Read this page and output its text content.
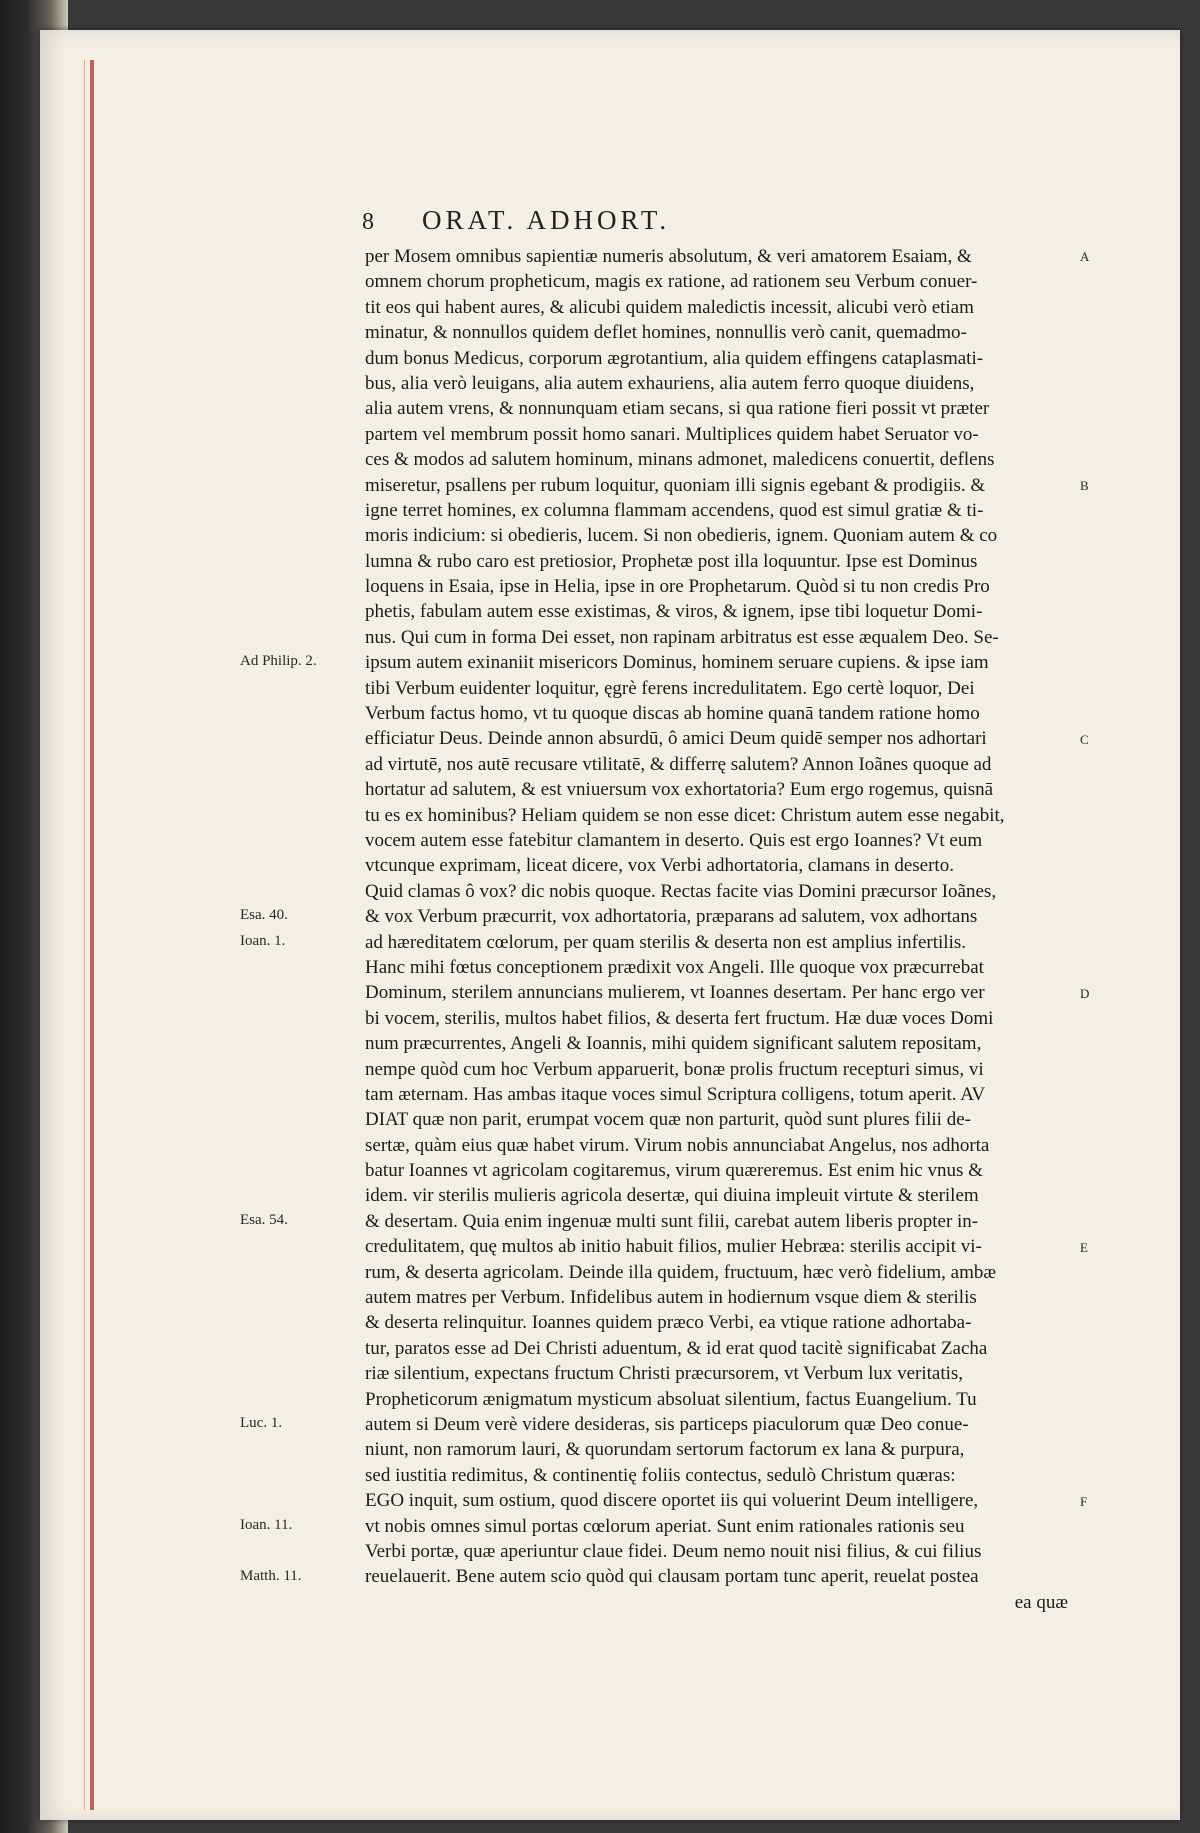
8 ORAT. ADHORT.
per Mosem omnibus sapientiæ numeris absolutum, & veri amatorem Esaiam, &
omnem chorum propheticum, magis ex ratione, ad rationem seu Verbum conuer-
tit eos qui habent aures, & alicubi quidem maledictis incessit, alicubi verò etiam
minatur, & nonnullos quidem deflet homines, nonnullis verò canit, quemadmo-
dum bonus Medicus, corporum ægrotantium, alia quidem effingens cataplasmati-
bus, alia verò leuigans, alia autem exhauriens, alia autem ferro quoque diuidens,
alia autem vrens, & nonnunquam etiam secans, si qua ratione fieri possit vt præter
partem vel membrum possit homo sanari. Multiplices quidem habet Seruator vo-
ces & modos ad salutem hominum, minans admonet, maledicens conuertit, deflens
miseretur, psallens per rubum loquitur, quoniam illi signis egebant & prodigiis. &
igne terret homines, ex columna flammam accendens, quod est simul gratiæ & ti-
moris indicium: si obedieris, lucem. Si non obedieris, ignem. Quoniam autem & co
lumna & rubo caro est pretiosior, Prophetæ post illa loquuntur. Ipse est Dominus
loquens in Esaia, ipse in Helia, ipse in ore Prophetarum. Quòd si tu non credis Pro
phetis, fabulam autem esse existimas, & viros, & ignem, ipse tibi loquetur Domi-
nus. Qui cum in forma Dei esset, non rapinam arbitratus est esse æqualem Deo. Se-
ipsum autem exinaniit misericors Dominus, hominem seruare cupiens. & ipse iam
tibi Verbum euidenter loquitur, ęgrè ferens incredulitatem. Ego certè loquor, Dei
Verbum factus homo, vt tu quoque discas ab homine quanā tandem ratione homo
efficiatur Deus. Deinde annon absurdū, ô amici Deum quidē semper nos adhortari
ad virtutē, nos autē recusare vtilitatē, & differrę salutem? Annon Ioãnes quoque ad
hortatur ad salutem, & est vniuersum vox exhortatoria? Eum ergo rogemus, quisnā
tu es ex hominibus? Heliam quidem se non esse dicet: Christum autem esse negabit,
vocem autem esse fatebitur clamantem in deserto. Quis est ergo Ioannes? Vt eum
vtcunque exprimam, liceat dicere, vox Verbi adhortatoria, clamans in deserto.
Quid clamas ô vox? dic nobis quoque. Rectas facite vias Domini præcursor Ioãnes,
& vox Verbum præcurrit, vox adhortatoria, præparans ad salutem, vox adhortans
ad hæreditatem cœlorum, per quam sterilis & deserta non est amplius infertilis.
Hanc mihi fœtus conceptionem prædixit vox Angeli. Ille quoque vox præcurrebat
Dominum, sterilem annuncians mulierem, vt Ioannes desertam. Per hanc ergo ver
bi vocem, sterilis, multos habet filios, & deserta fert fructum. Hæ duæ voces Domi
num præcurrentes, Angeli & Ioannis, mihi quidem significant salutem repositam,
nempe quòd cum hoc Verbum apparuerit, bonæ prolis fructum recepturi simus, vi
tam æternam. Has ambas itaque voces simul Scriptura colligens, totum aperit. AV
DIAT quæ non parit, erumpat vocem quæ non parturit, quòd sunt plures filii de-
sertæ, quàm eius quæ habet virum. Virum nobis annunciabat Angelus, nos adhorta
batur Ioannes vt agricolam cogitaremus, virum quæreremus. Est enim hic vnus &
idem. vir sterilis mulieris agricola desertæ, qui diuina impleuit virtute & sterilem
& desertam. Quia enim ingenuæ multi sunt filii, carebat autem liberis propter in-
credulitatem, quę multos ab initio habuit filios, mulier Hebræa: sterilis accipit vi-
rum, & deserta agricolam. Deinde illa quidem, fructuum, hæc verò fidelium, ambæ
autem matres per Verbum. Infidelibus autem in hodiernum vsque diem & sterilis
& deserta relinquitur. Ioannes quidem præco Verbi, ea vtique ratione adhortaba-
tur, paratos esse ad Dei Christi aduentum, & id erat quod tacitè significabat Zacha
riæ silentium, expectans fructum Christi præcursorem, vt Verbum lux veritatis,
Propheticorum ænigmatum mysticum absoluat silentium, factus Euangelium. Tu
autem si Deum verè videre desideras, sis particeps piaculorum quæ Deo conue-
niunt, non ramorum lauri, & quorundam sertorum factorum ex lana & purpura,
sed iustitia redimitus, & continentię foliis contectus, sedulò Christum quæras:
EGO inquit, sum ostium, quod discere oportet iis qui voluerint Deum intelligere,
vt nobis omnes simul portas cœlorum aperiat. Sunt enim rationales rationis seu
Verbi portæ, quæ aperiuntur claue fidei. Deum nemo nouit nisi filius, & cui filius
reuelauerit. Bene autem scio quòd qui clausam portam tunc aperit, reuelat postea
ea quæ
Ad Philip. 2.
Esa. 40.
Ioan. 1.
Esa. 54.
Luc. 1.
Ioan. 11.
Matth. 11.
A
B
C
D
E
F
